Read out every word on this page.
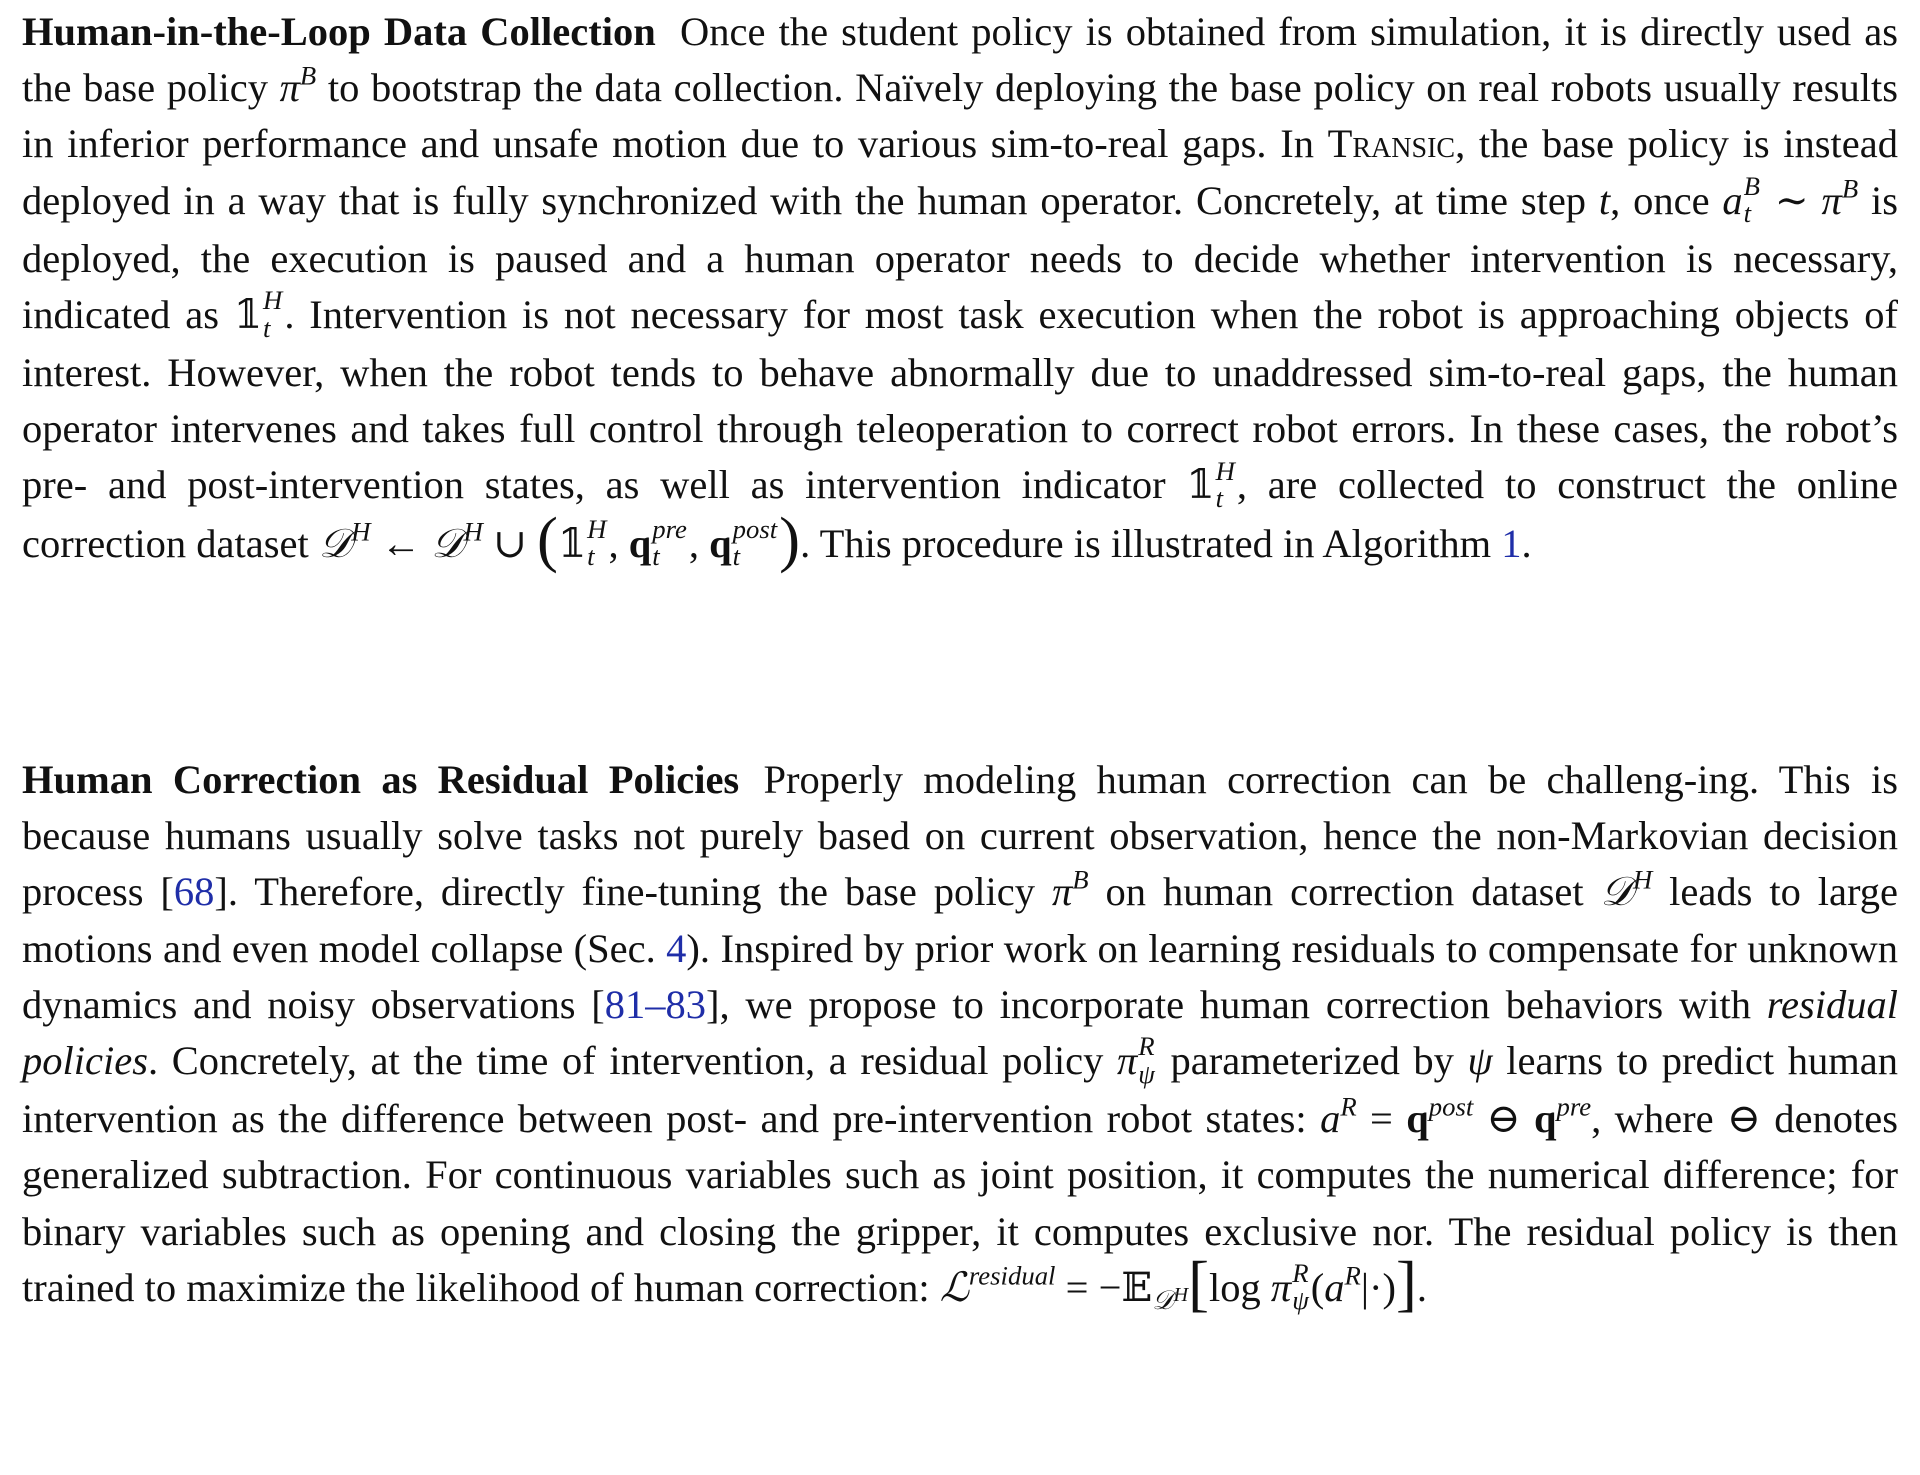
Human-in-the-Loop Data Collection Once the student policy is obtained from simulation, it is directly used as the base policy $\pi^B$ to bootstrap the data collection. Naïvely deploying the base policy on real robots usually results in inferior performance and unsafe motion due to various sim-to-real gaps. In Transic, the base policy is instead deployed in a way that is fully synchronized with the human operator. Concretely, at time step t, once a B
t ∼ $\pi^B$ is deployed, the execution is paused and a human operator needs to decide whether intervention is necessary, indicated as 𝟙 H
t . Intervention is not necessary for most task execution when the robot is approaching objects of interest. However, when the robot tends to behave abnormally due to unaddressed sim-to-real gaps, the human operator intervenes and takes full control through teleoperation to correct robot errors. In these cases, the robot’s pre- and post-intervention states, as well as intervention indicator 𝟙 H
t , are collected to construct the online correction dataset 𝒟$^H$ ← 𝒟$^H$ ∪ (𝟙 H
t , q pre
t , q post
t ). This procedure is illustrated in Algorithm 1.

Human Correction as Residual Policies Properly modeling human correction can be challeng-ing. This is because humans usually solve tasks not purely based on current observation, hence the non-Markovian decision process [68]. Therefore, directly fine-tuning the base policy $\pi^B$ on human correction dataset 𝒟$^H$ leads to large motions and even model collapse (Sec. 4). Inspired by prior work on learning residuals to compensate for unknown dynamics and noisy observations [81–83], we propose to incorporate human correction behaviors with residual policies. Concretely, at the time of intervention, a residual policy π R
ψ parameterized by ψ learns to predict human intervention as the difference between post- and pre-intervention robot states: $a^R = q^{post}$ ⊖ $q^{pre}$, where ⊖ denotes generalized subtraction. For continuous variables such as joint position, it computes the numerical difference; for binary variables such as opening and closing the gripper, it computes exclusive nor. The residual policy is then trained to maximize the likelihood of human correction: ℒ$^{residual}$ = −𝔼$_{𝒟^H}$[log π R
ψ $(a^R|\cdot)$].
